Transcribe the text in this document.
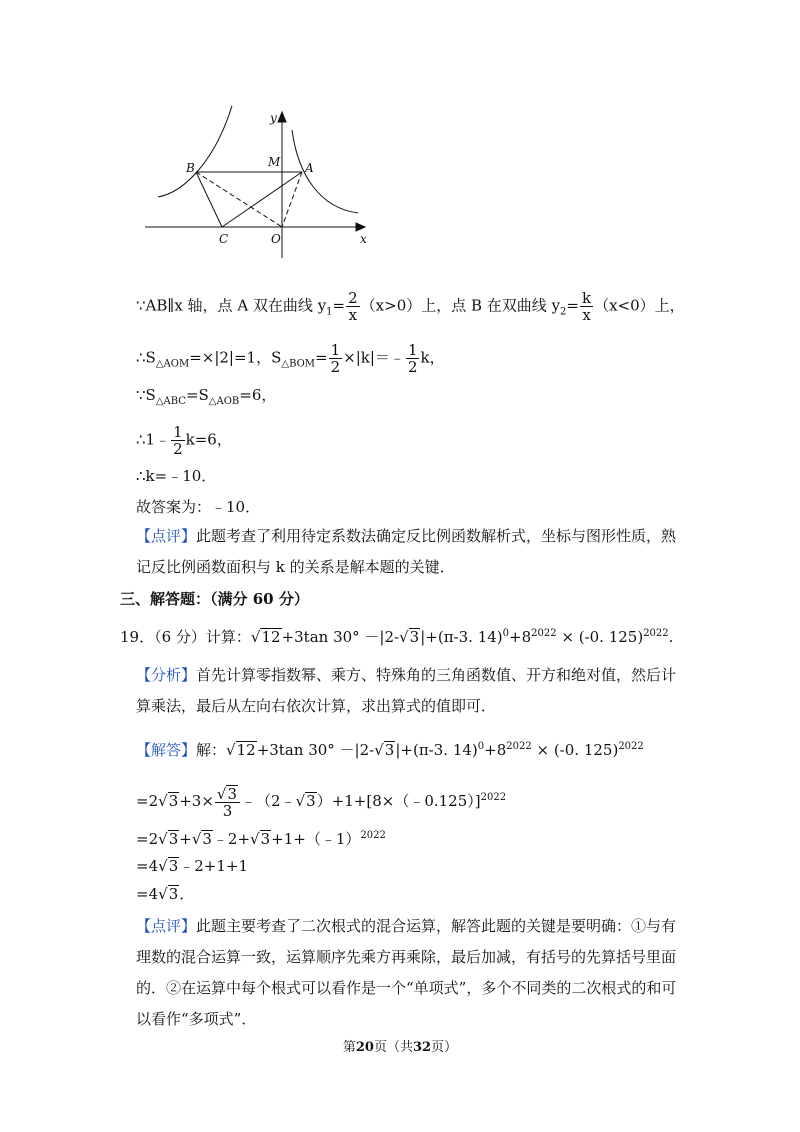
y
x
B	M A
C	O
∵AB∥x 轴，点 A 双在曲线 $y_1= \frac{2}{x} (x>0)$上，点 B 在双曲线 $y_2= \frac{k}{x} (x<0)$上，
$\therefore S_{\triangle AOM}=\times|2|=1$，$S_{\triangle BOM}= \frac{1}{2}$ ×|k|＝﹣ $\frac{1}{2}$ k，
$\because S_{\triangle ABC}=S_{\triangle AOB}=6$，
∴1﹣ $\frac{1}{2} k=6$，
∴k=﹣10．
故答案为：﹣10．
【点评】此题考查了利用待定系数法确定反比例函数解析式，坐标与图形性质，熟记反比例函数面积与 k 的关系是解本题的关键．
三、解答题：（满分 60 分）
19．（6 分）计算：√12+3tan 30° －|2-√3|+(π-3. $14)^0+8^{2022} \times (-0$. 125)$^{2022}$.
【分析】首先计算零指数幂、乘方、特殊角的三角函数值、开方和绝对值，然后计算乘法，最后从左向右依次计算，求出算式的值即可．
【解答】解：√12+3tan 30° －|2-√3|+(π-3. $14)^0+8^{2022} \times (-0$. 125)$^{2022}$
$=2√3+3\times \frac{√3}{3}$ ﹣（2﹣√3）+1+[8×（﹣0.125）]$^{2022}$
=2√3+√3﹣2+√3+1+（﹣1）$^{2022}$
=4√3﹣2+1+1
=4√3．
【点评】此题主要考查了二次根式的混合运算，解答此题的关键是要明确：①与有理数的混合运算一致，运算顺序先乘方再乘除，最后加减，有括号的先算括号里面的．②在运算中每个根式可以看作是一个“单项式”，多个不同类的二次根式的和可以看作“多项式”．
第20页（共32页）
